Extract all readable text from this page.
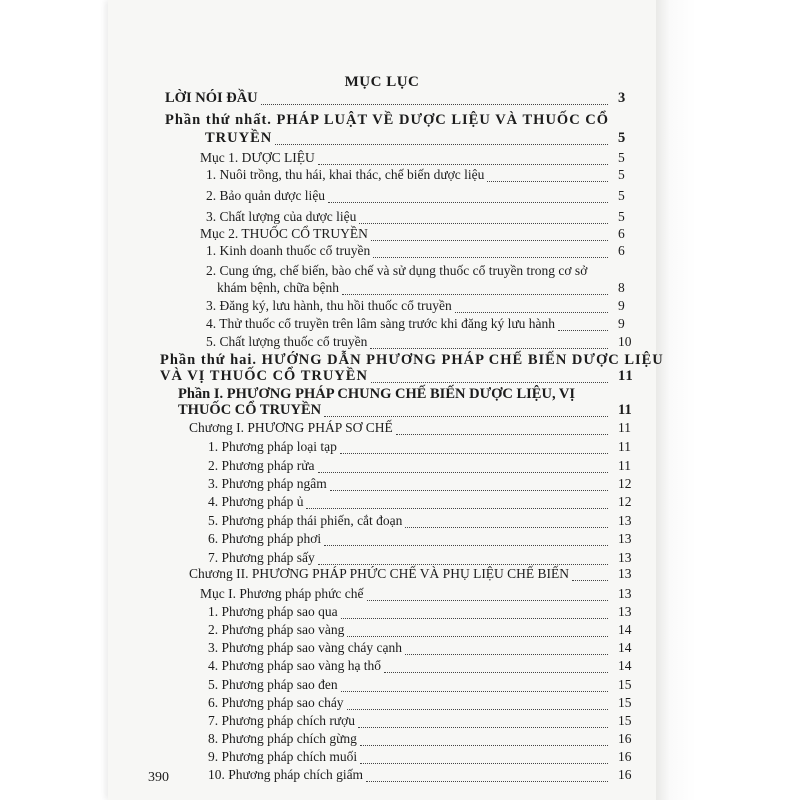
MỤC LỤC
LỜI NÓI ĐẦU	3
Phần thứ nhất. PHÁP LUẬT VỀ DƯỢC LIỆU VÀ THUỐC CỔ
TRUYỀN	5
Mục 1. DƯỢC LIỆU	5
1. Nuôi trồng, thu hái, khai thác, chế biến dược liệu	5
2. Bảo quản dược liệu	5
3. Chất lượng của dược liệu	5
Mục 2. THUỐC CỔ TRUYỀN	6
1. Kinh doanh thuốc cổ truyền	6
2. Cung ứng, chế biến, bào chế và sử dụng thuốc cổ truyền trong cơ sở
khám bệnh, chữa bệnh	8
3. Đăng ký, lưu hành, thu hồi thuốc cổ truyền	9
4. Thử thuốc cổ truyền trên lâm sàng trước khi đăng ký lưu hành	9
5. Chất lượng thuốc cổ truyền	10
Phần thứ hai. HƯỚNG DẪN PHƯƠNG PHÁP CHẾ BIẾN DƯỢC LIỆU
VÀ VỊ THUỐC CỔ TRUYỀN	11
Phần I. PHƯƠNG PHÁP CHUNG CHẾ BIẾN DƯỢC LIỆU, VỊ
THUỐC CỔ TRUYỀN	11
Chương I. PHƯƠNG PHÁP SƠ CHẾ	11
1. Phương pháp loại tạp	11
2. Phương pháp rửa	11
3. Phương pháp ngâm	12
4. Phương pháp ủ	12
5. Phương pháp thái phiến, cắt đoạn	13
6. Phương pháp phơi	13
7. Phương pháp sấy	13
Chương II. PHƯƠNG PHÁP PHỨC CHẾ VÀ PHỤ LIỆU CHẾ BIẾN	13
Mục I. Phương pháp phức chế	13
1. Phương pháp sao qua	13
2. Phương pháp sao vàng	14
3. Phương pháp sao vàng cháy cạnh	14
4. Phương pháp sao vàng hạ thổ	14
5. Phương pháp sao đen	15
6. Phương pháp sao cháy	15
7. Phương pháp chích rượu	15
8. Phương pháp chích gừng	16
9. Phương pháp chích muối	16
10. Phương pháp chích giấm	16
390
